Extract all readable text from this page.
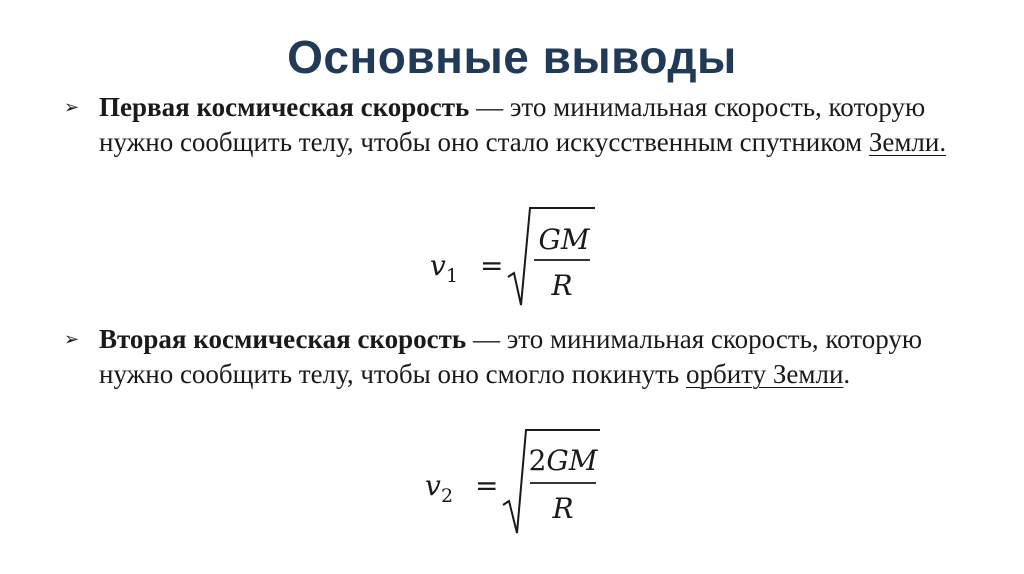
Основные выводы
➢ Первая космическая скорость — это минимальная скорость, которую нужно сообщить телу, чтобы оно стало искусственным спутником Земли.
v 1 =
GM
R
➢ Вторая космическая скорость — это минимальная скорость, которую нужно сообщить телу, чтобы оно смогло покинуть орбиту Земли.
v 2 =
2GM
R
